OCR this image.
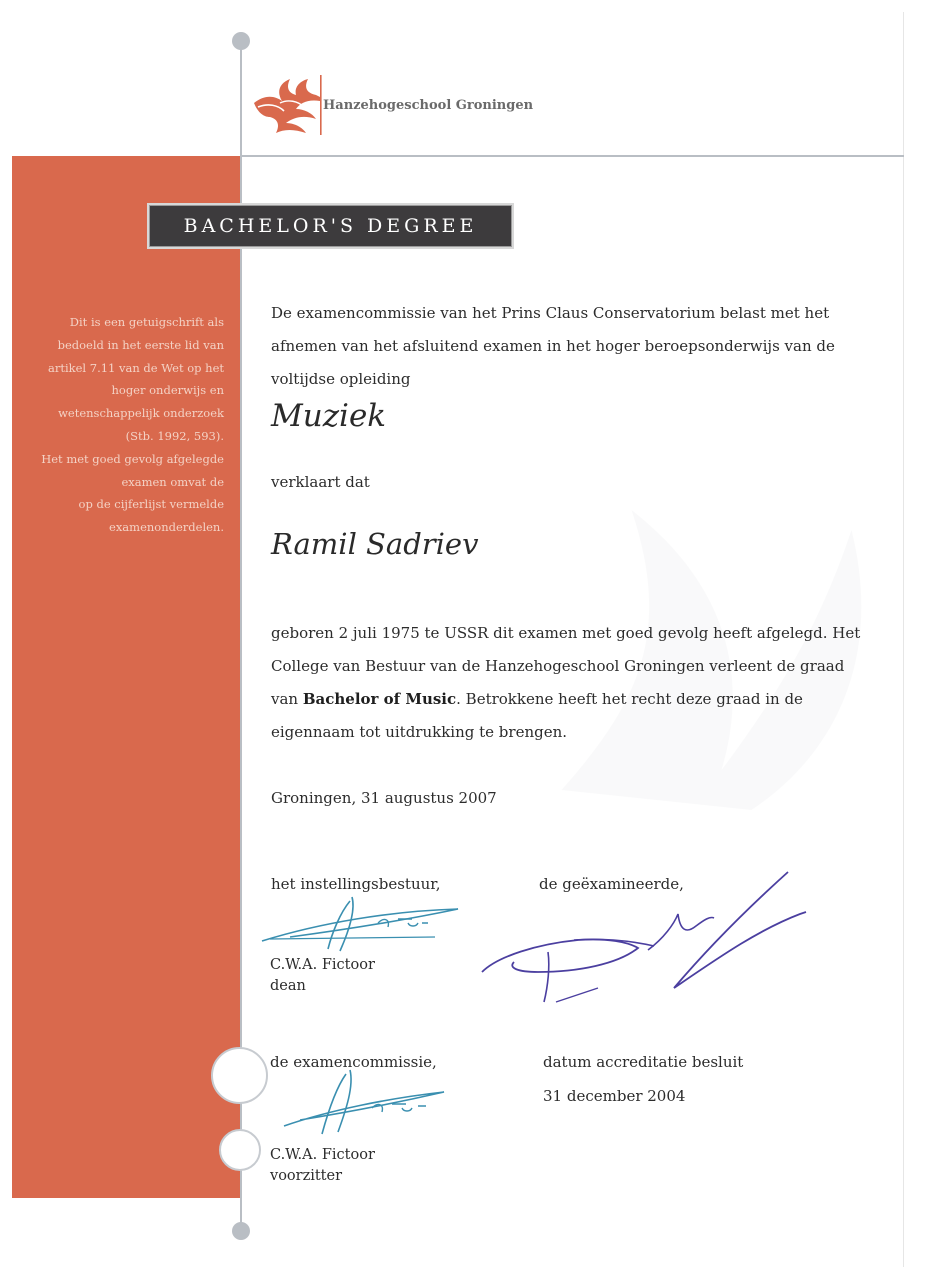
Dit is een getuigschrift als
bedoeld in het eerste lid van
artikel 7.11 van de Wet op het
hoger onderwijs en
wetenschappelijk onderzoek
(Stb. 1992, 593).
Het met goed gevolg afgelegde
examen omvat de
op de cijferlijst vermelde
examenonderdelen.
Hanzehogeschool Groningen
BACHELOR'S DEGREE
De examencommissie van het Prins Claus Conservatorium belast met het
afnemen van het afsluitend examen in het hoger beroepsonderwijs van de
voltijdse opleiding
Muziek
verklaart dat
Ramil Sadriev
geboren 2 juli 1975 te USSR dit examen met goed gevolg heeft afgelegd. Het
College van Bestuur van de Hanzehogeschool Groningen verleent de graad
van Bachelor of Music. Betrokkene heeft het recht deze graad in de
eigennaam tot uitdrukking te brengen.
Groningen, 31 augustus 2007
het instellingsbestuur,	de geëxamineerde,
C.W.A. Fictoor
dean
de examencommissie,	datum accreditatie besluit
31 december 2004
C.W.A. Fictoor
voorzitter
